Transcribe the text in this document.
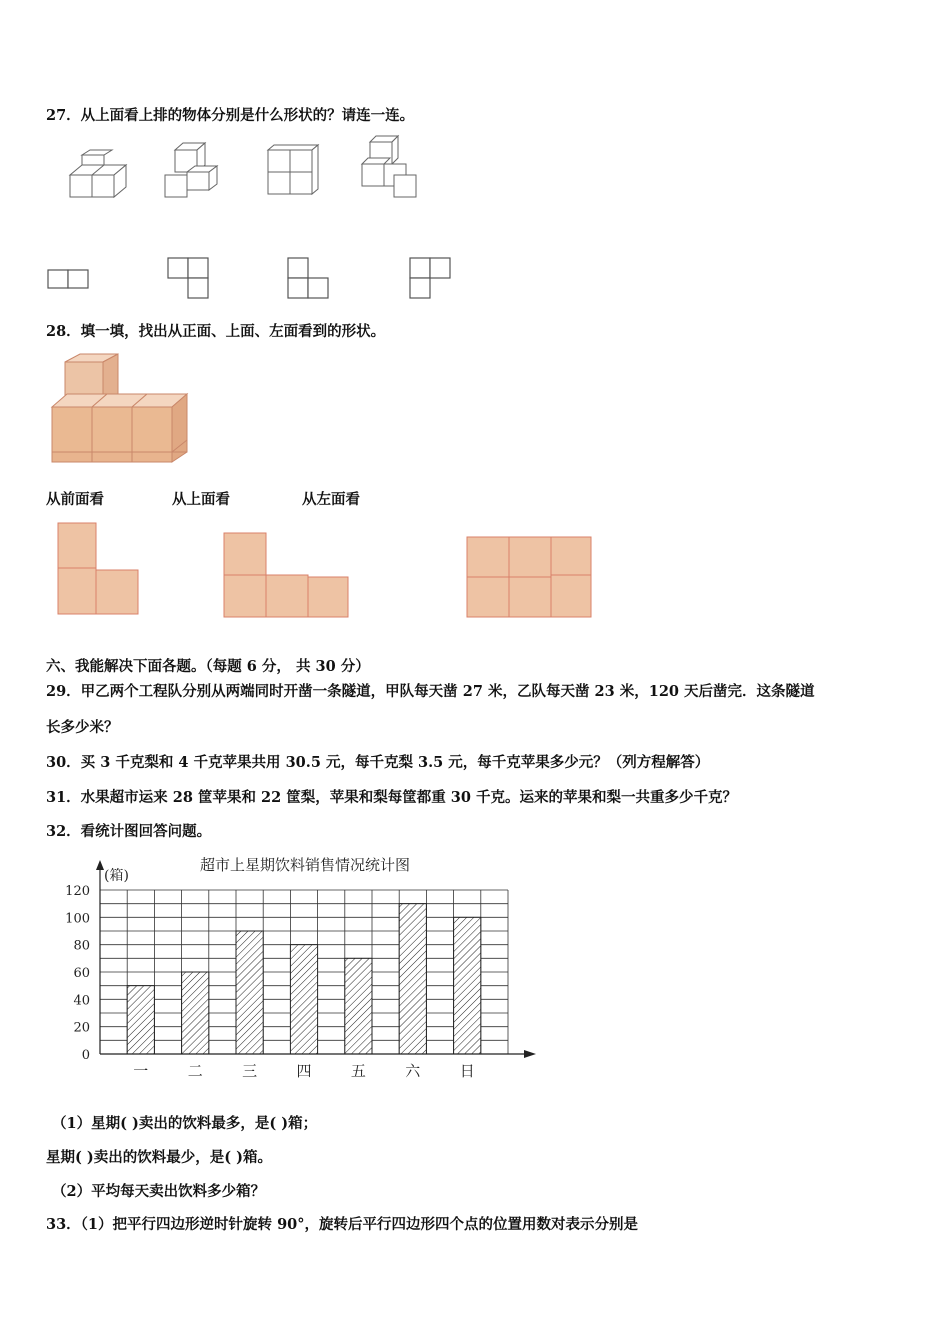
27．从上面看上排的物体分别是什么形状的？请连一连。
28．填一填，找出从正面、上面、左面看到的形状。
从前面看	从上面看	从左面看
六、我能解决下面各题。（每题 6 分， 共 30 分）
29．甲乙两个工程队分别从两端同时开凿一条隧道，甲队每天凿 27 米，乙队每天凿 23 米，120 天后凿完．这条隧道
长多少米？
30．买 3 千克梨和 4 千克苹果共用 30.5 元，每千克梨 3.5 元，每千克苹果多少元？（列方程解答）
31．水果超市运来 28 筐苹果和 22 筐梨，苹果和梨每筐都重 30 千克。运来的苹果和梨一共重多少千克？
32．看统计图回答问题。
超市上星期饮料销售情况统计图
(箱)
0
20
40
60
80
100
120
一	二	三	四	五	六	日
（1）星期( )卖出的饮料最多，是( )箱；
星期( )卖出的饮料最少，是( )箱。
（2）平均每天卖出饮料多少箱？
33．（1）把平行四边形逆时针旋转 90°，旋转后平行四边形四个点的位置用数对表示分别是
